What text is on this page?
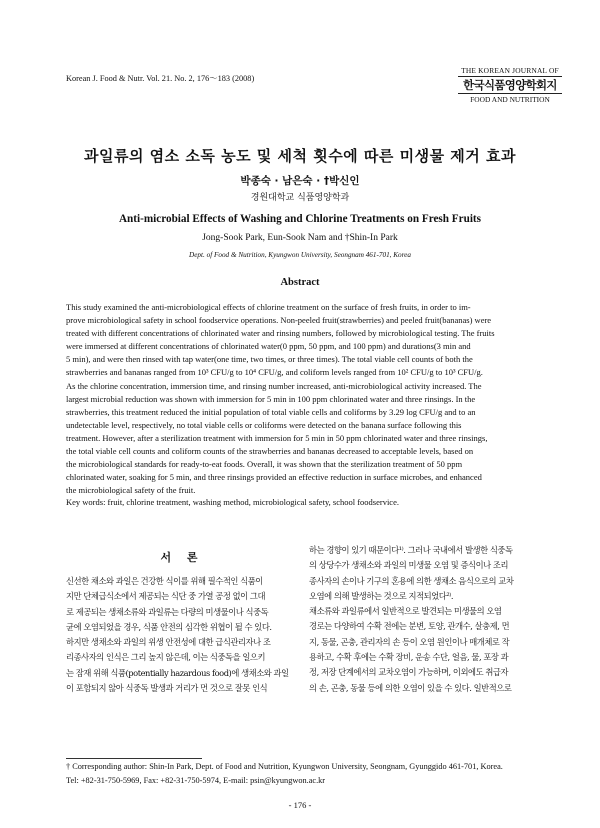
Korean J. Food & Nutr. Vol. 21. No. 2, 176～183 (2008)
THE KOREAN JOURNAL OF
한국식품영양학회지
FOOD AND NUTRITION
과일류의 염소 소독 농도 및 세척 횟수에 따른 미생물 제거 효과
박종숙 · 남은숙 · †박신인
경원대학교 식품영양학과
Anti-microbial Effects of Washing and Chlorine Treatments on Fresh Fruits
Jong-Sook Park, Eun-Sook Nam and †Shin-In Park
Dept. of Food & Nutrition, Kyungwon University, Seongnam 461-701, Korea
Abstract
This study examined the anti-microbiological effects of chlorine treatment on the surface of fresh fruits, in order to im-
prove microbiological safety in school foodservice operations. Non-peeled fruit(strawberries) and peeled fruit(bananas) were
treated with different concentrations of chlorinated water and rinsing numbers, followed by microbiological testing. The fruits
were immersed at different concentrations of chlorinated water(0 ppm, 50 ppm, and 100 ppm) and durations(3 min and
5 min), and were then rinsed with tap water(one time, two times, or three times). The total viable cell counts of both the
strawberries and bananas ranged from 10³ CFU/g to 10⁴ CFU/g, and coliform levels ranged from 10² CFU/g to 10³ CFU/g.
As the chlorine concentration, immersion time, and rinsing number increased, anti-microbiological activity increased. The
largest microbial reduction was shown with immersion for 5 min in 100 ppm chlorinated water and three rinsings. In the
strawberries, this treatment reduced the initial population of total viable cells and coliforms by 3.29 log CFU/g and to an
undetectable level, respectively, no total viable cells or coliforms were detected on the banana surface following this
treatment. However, after a sterilization treatment with immersion for 5 min in 50 ppm chlorinated water and three rinsings,
the total viable cell counts and coliform counts of the strawberries and bananas decreased to acceptable levels, based on
the microbiological standards for ready-to-eat foods. Overall, it was shown that the sterilization treatment of 50 ppm
chlorinated water, soaking for 5 min, and three rinsings provided an effective reduction in surface microbes, and enhanced
the microbiological safety of the fruit.
Key words: fruit, chlorine treatment, washing method, microbiological safety, school foodservice.
서 론
신선한 채소와 과일은 건강한 식이를 위해 필수적인 식품이
지만 단체급식소에서 제공되는 식단 중 가열 공정 없이 그대
로 제공되는 생채소류와 과일류는 다량의 미생물이나 식중독
균에 오염되었을 경우, 식품 안전의 심각한 위협이 될 수 있다.
하지만 생채소와 과일의 위생 안전성에 대한 급식관리자나 조
리종사자의 인식은 그리 높지 않은데, 이는 식중독을 일으키
는 잠재 위해 식품(potentially hazardous food)에 생채소와 과일
이 포함되지 않아 식중독 발생과 거리가 먼 것으로 잘못 인식
하는 경향이 있기 때문이다¹⁾. 그러나 국내에서 발생한 식중독
의 상당수가 생채소와 과일의 미생물 오염 및 증식이나 조리
종사자의 손이나 기구의 혼용에 의한 생채소 음식으로의 교차
오염에 의해 발생하는 것으로 지적되었다²⁾.
채소류와 과일류에서 일반적으로 발견되는 미생물의 오염
경로는 다양하여 수확 전에는 분변, 토양, 관개수, 살충제, 먼
지, 동물, 곤충, 관리자의 손 등이 오염 원인이나 매개체로 작
용하고, 수확 후에는 수확 장비, 운송 수단, 얼음, 물, 포장 과
정, 저장 단계에서의 교차오염이 가능하며, 이외에도 취급자
의 손, 곤충, 동물 등에 의한 오염이 있을 수 있다. 일반적으로
† Corresponding author: Shin-In Park, Dept. of Food and Nutrition, Kyungwon University, Seongnam, Gyunggido 461-701, Korea.
Tel: +82-31-750-5969, Fax: +82-31-750-5974, E-mail: psin@kyungwon.ac.kr
- 176 -
